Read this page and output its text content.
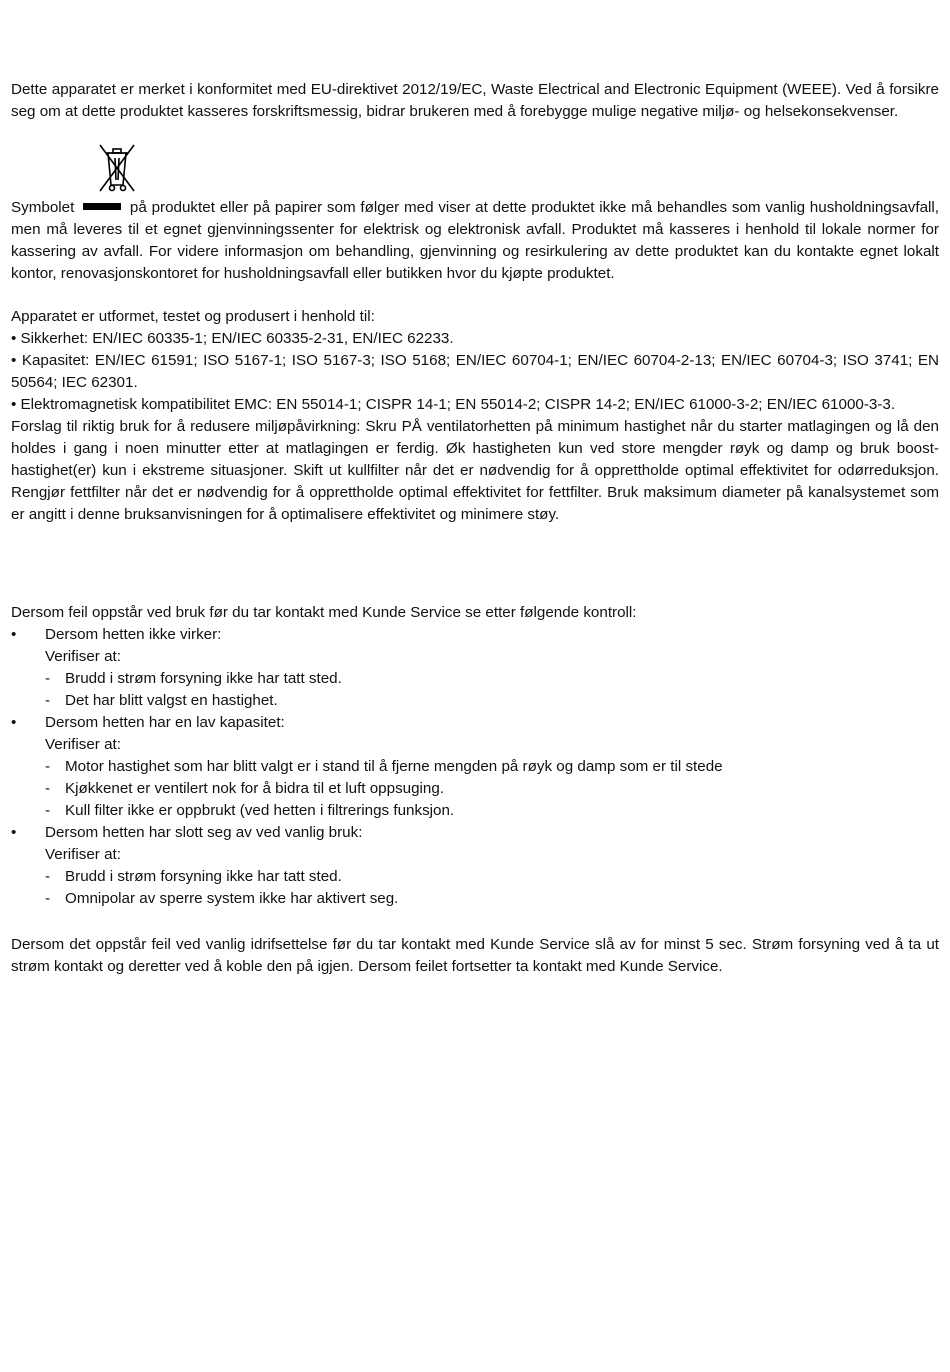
Dette apparatet er merket i konformitet med EU-direktivet 2012/19/EC, Waste Electrical and Electronic Equipment (WEEE). Ved å forsikre seg om at dette produktet kasseres forskriftsmessig, bidrar brukeren med å forebygge mulige negative miljø- og helsekonsekvenser.

Symbolet	på produktet eller på papirer som følger med viser at dette produktet ikke må behandles som vanlig husholdningsavfall, men må leveres til et egnet gjenvinningssenter for elektrisk og elektronisk avfall. Produktet må kasseres i henhold til lokale normer for kassering av avfall. For videre informasjon om behandling, gjenvinning og resirkulering av dette produktet kan du kontakte egnet lokalt kontor, renovasjonskontoret for husholdningsavfall eller butikken hvor du kjøpte produktet.

Apparatet er utformet, testet og produsert i henhold til:
• Sikkerhet: EN/IEC 60335-1; EN/IEC 60335-2-31, EN/IEC 62233.
• Kapasitet: EN/IEC 61591; ISO 5167-1; ISO 5167-3; ISO 5168; EN/IEC 60704-1; EN/IEC 60704-2-13; EN/IEC 60704-3; ISO 3741; EN 50564; IEC 62301.
• Elektromagnetisk kompatibilitet EMC: EN 55014-1; CISPR 14-1; EN 55014-2; CISPR 14-2; EN/IEC 61000-3-2; EN/IEC 61000-3-3.
Forslag til riktig bruk for å redusere miljøpåvirkning: Skru PÅ ventilatorhetten på minimum hastighet når du starter matlagingen og lå den holdes i gang i noen minutter etter at matlagingen er ferdig. Øk hastigheten kun ved store mengder røyk og damp og bruk boost-hastighet(er) kun i ekstreme situasjoner. Skift ut kullfilter når det er nødvendig for å opprettholde optimal effektivitet for odørreduksjon. Rengjør fettfilter når det er nødvendig for å opprettholde optimal effektivitet for fettfilter. Bruk maksimum diameter på kanalsystemet som er angitt i denne bruksanvisningen for å optimalisere effektivitet og minimere støy.
Dersom feil oppstår ved bruk før du tar kontakt med Kunde Service se etter følgende kontroll:
• Dersom hetten ikke virker:
Verifiser at:
- Brudd i strøm forsyning ikke har tatt sted.
- Det har blitt valgst en hastighet.
• Dersom hetten har en lav kapasitet:
Verifiser at:
- Motor hastighet som har blitt valgt er i stand til å fjerne mengden på røyk og damp som er til stede
- Kjøkkenet er ventilert nok for å bidra til et luft oppsuging.
- Kull filter ikke er oppbrukt (ved hetten i filtrerings funksjon.
• Dersom hetten har slott seg av ved vanlig bruk:
Verifiser at:
- Brudd i strøm forsyning ikke har tatt sted.
- Omnipolar av sperre system ikke har aktivert seg.

Dersom det oppstår feil ved vanlig idrifsettelse før du tar kontakt med Kunde Service slå av for minst 5 sec. Strøm forsyning ved å ta ut strøm kontakt og deretter ved å koble den på igjen. Dersom feilet fortsetter ta kontakt med Kunde Service.
